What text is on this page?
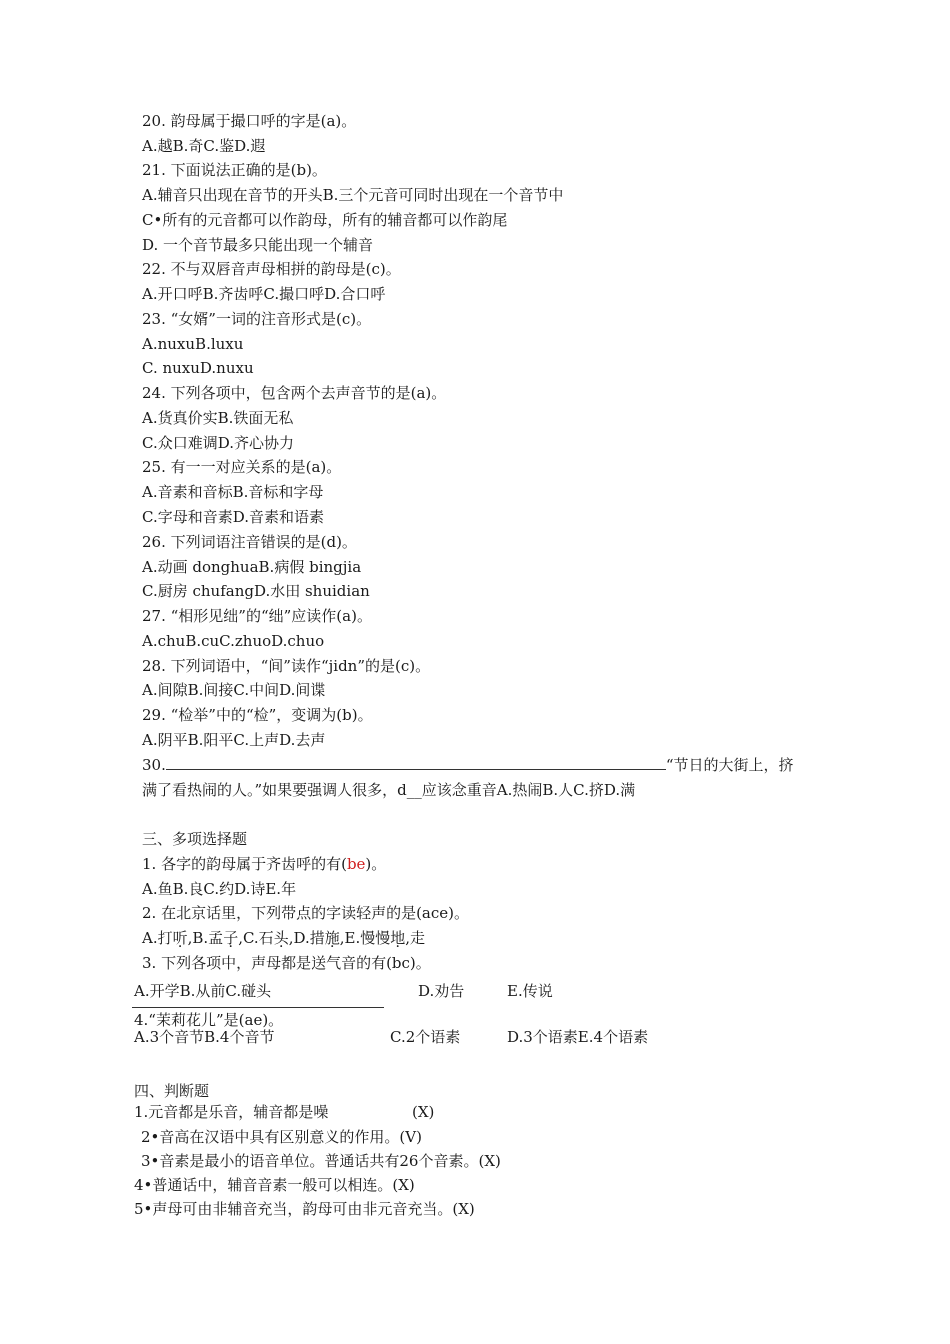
20. 韵母属于撮口呼的字是(a)。
A.越B.奇C.鉴D.遐
21. 下面说法正确的是(b)。
A.辅音只出现在音节的开头B.三个元音可同时出现在一个音节中
C•所有的元音都可以作韵母，所有的辅音都可以作韵尾
D. 一个音节最多只能出现一个辅音
22. 不与双唇音声母相拼的韵母是(c)。
A.开口呼B.齐齿呼C.撮口呼D.合口呼
23. “女婿”一词的注音形式是(c)。
A.nuxuB.luxu
C. nuxuD.nuxu
24. 下列各项中，包含两个去声音节的是(a)。
A.货真价实B.铁面无私
C.众口难调D.齐心协力
25. 有一一对应关系的是(a)。
A.音素和音标B.音标和字母
C.字母和音素D.音素和语素
26. 下列词语注音错误的是(d)。
A.动画 donghuaB.病假 bingjia
C.厨房 chufangD.水田 shuidian
27. “相形见绌”的“绌”应读作(a)。
A.chuB.cuC.zhuoD.chuo
28. 下列词语中，“间”读作“jidn”的是(c)。
A.间隙B.间接C.中间D.间谍
29. “检举”中的“检”，变调为(b)。
A.阴平B.阳平C.上声D.去声
30.	“节日的大街上，挤
满了看热闹的人。”如果要强调人很多，d__应该念重音A.热闹B.人C.挤D.满
三、多项选择题
1. 各字的韵母属于齐齿呼的有(be)。
A.鱼B.良C.约D.诗E.年
2. 在北京话里，下列带点的字读轻声的是(ace)。
A.打听,B.孟子,C.石头,D.措施,E.慢慢地,走
3. 下列各项中，声母都是送气音的有(bc)。
A.开学B.从前C.碰头	D.劝告	E.传说
4.“茉莉花儿”是(ae)。
A.3个音节B.4个音节	C.2个语素	D.3个语素E.4个语素
四、判断题
1.元音都是乐音，辅音都是噪	(X)
2•音高在汉语中具有区别意义的作用。(V)
3•音素是最小的语音单位。普通话共有26个音素。(X)
4•普通话中，辅音音素一般可以相连。(X)
5•声母可由非辅音充当，韵母可由非元音充当。(X)
